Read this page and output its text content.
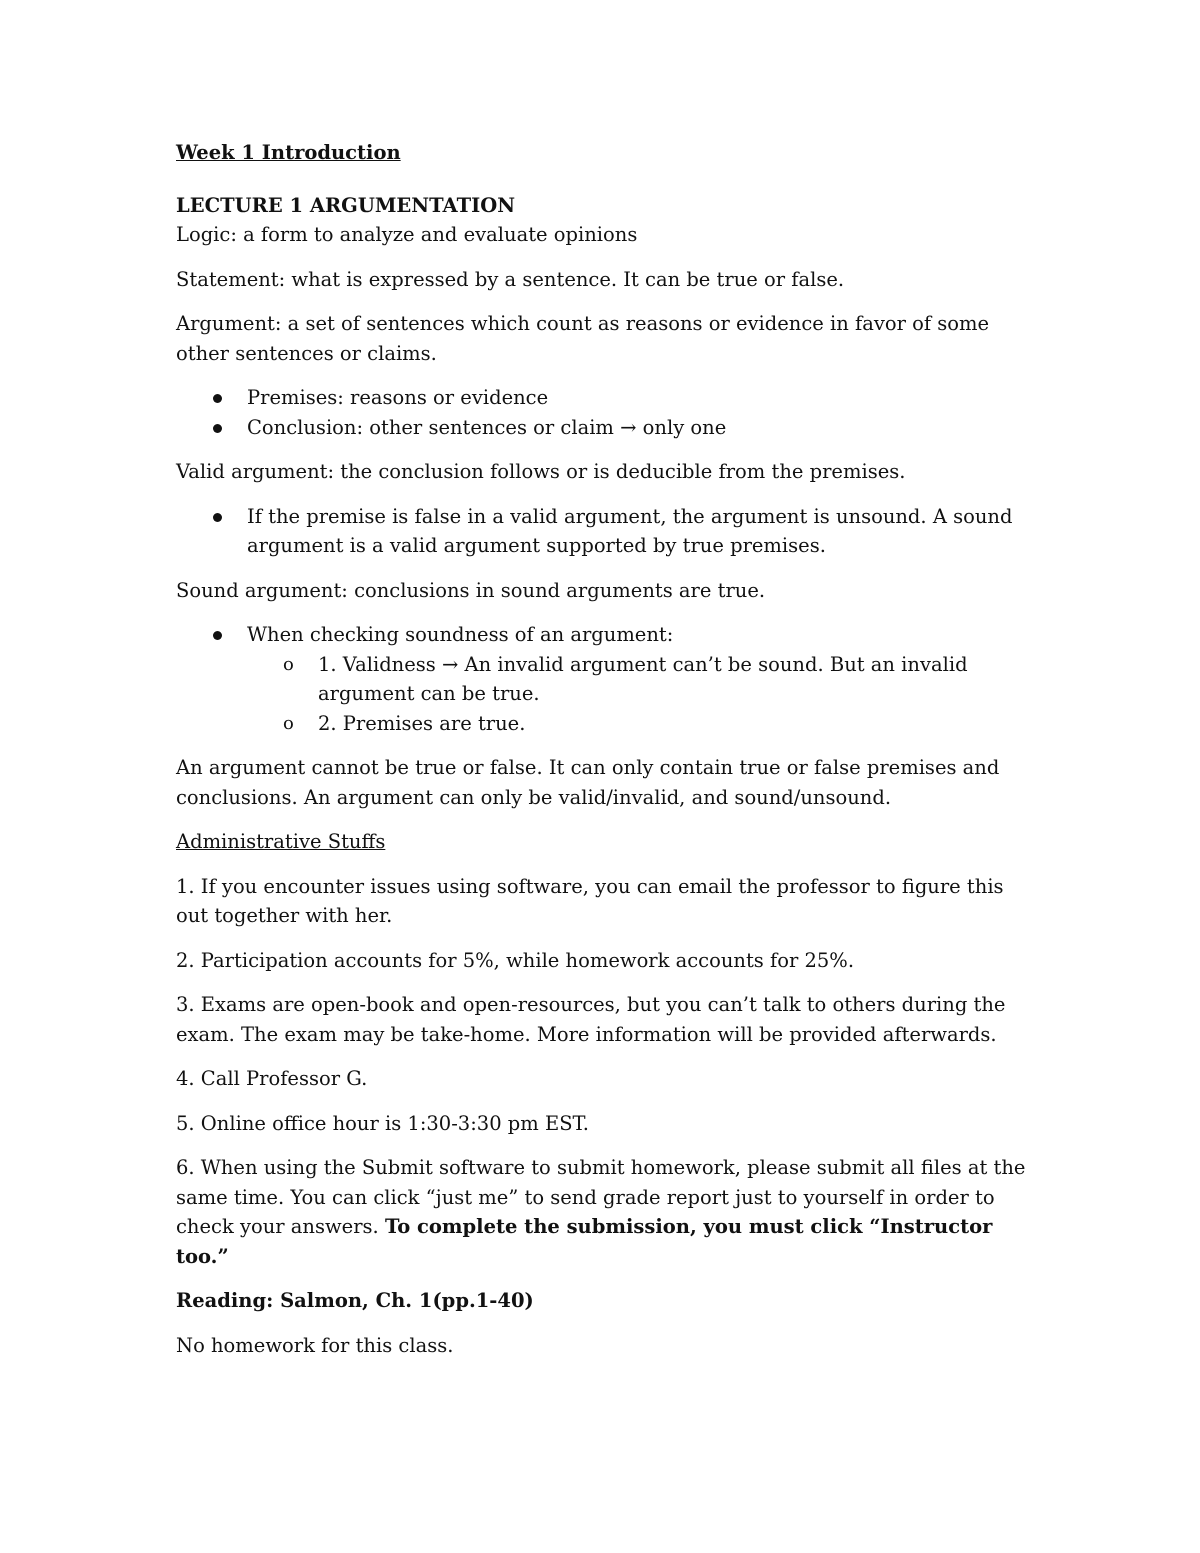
Week 1 Introduction

LECTURE 1 ARGUMENTATION

Logic: a form to analyze and evaluate opinions

Statement: what is expressed by a sentence. It can be true or false.

Argument: a set of sentences which count as reasons or evidence in favor of some other sentences or claims.

Premises: reasons or evidence
Conclusion: other sentences or claim → only one

Valid argument: the conclusion follows or is deducible from the premises.

If the premise is false in a valid argument, the argument is unsound. A sound argument is a valid argument supported by true premises.

Sound argument: conclusions in sound arguments are true.

When checking soundness of an argument:
o 1. Validness → An invalid argument can’t be sound. But an invalid argument can be true.
o 2. Premises are true.

An argument cannot be true or false. It can only contain true or false premises and conclusions. An argument can only be valid/invalid, and sound/unsound.

Administrative Stuffs

1. If you encounter issues using software, you can email the professor to figure this out together with her.

2. Participation accounts for 5%, while homework accounts for 25%.

3. Exams are open-book and open-resources, but you can’t talk to others during the exam. The exam may be take-home. More information will be provided afterwards.

4. Call Professor G.

5. Online office hour is 1:30-3:30 pm EST.

6. When using the Submit software to submit homework, please submit all files at the same time. You can click “just me” to send grade report just to yourself in order to check your answers. To complete the submission, you must click “Instructor too.”

Reading: Salmon, Ch. 1(pp.1-40)

No homework for this class.
